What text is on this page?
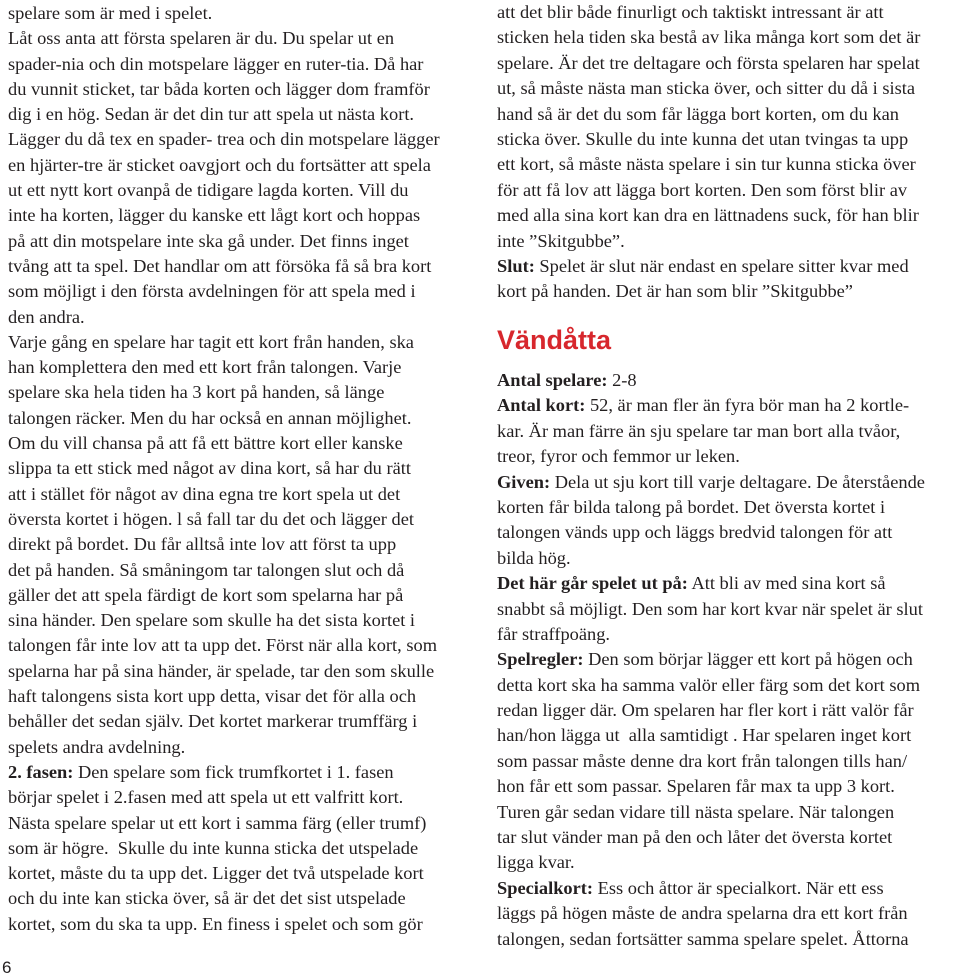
spelare som är med i spelet.
Låt oss anta att första spelaren är du. Du spelar ut en
spader-nia och din motspelare lägger en ruter-tia. Då har
du vunnit sticket, tar båda korten och lägger dom framför
dig i en hög. Sedan är det din tur att spela ut nästa kort.
Lägger du då tex en spader- trea och din motspelare lägger
en hjärter-tre är sticket oavgjort och du fortsätter att spela
ut ett nytt kort ovanpå de tidigare lagda korten. Vill du
inte ha korten, lägger du kanske ett lågt kort och hoppas
på att din motspelare inte ska gå under. Det finns inget
tvång att ta spel. Det handlar om att försöka få så bra kort
som möjligt i den första avdelningen för att spela med i
den andra.
Varje gång en spelare har tagit ett kort från handen, ska
han komplettera den med ett kort från talongen. Varje
spelare ska hela tiden ha 3 kort på handen, så länge
talongen räcker. Men du har också en annan möjlighet.
Om du vill chansa på att få ett bättre kort eller kanske
slippa ta ett stick med något av dina kort, så har du rätt
att i stället för något av dina egna tre kort spela ut det
översta kortet i högen. l så fall tar du det och lägger det
direkt på bordet. Du får alltså inte lov att först ta upp
det på handen. Så småningom tar talongen slut och då
gäller det att spela färdigt de kort som spelarna har på
sina händer. Den spelare som skulle ha det sista kortet i
talongen får inte lov att ta upp det. Först när alla kort, som
spelarna har på sina händer, är spelade, tar den som skulle
haft talongens sista kort upp detta, visar det för alla och
behåller det sedan själv. Det kortet markerar trumffärg i
spelets andra avdelning.
2. fasen: Den spelare som fick trumfkortet i 1. fasen
börjar spelet i 2.fasen med att spela ut ett valfritt kort.
Nästa spelare spelar ut ett kort i samma färg (eller trumf)
som är högre.  Skulle du inte kunna sticka det utspelade
kortet, måste du ta upp det. Ligger det två utspelade kort
och du inte kan sticka över, så är det det sist utspelade
kortet, som du ska ta upp. En finess i spelet och som gör
att det blir både finurligt och taktiskt intressant är att
sticken hela tiden ska bestå av lika många kort som det är
spelare. Är det tre deltagare och första spelaren har spelat
ut, så måste nästa man sticka över, och sitter du då i sista
hand så är det du som får lägga bort korten, om du kan
sticka över. Skulle du inte kunna det utan tvingas ta upp
ett kort, så måste nästa spelare i sin tur kunna sticka över
för att få lov att lägga bort korten. Den som först blir av
med alla sina kort kan dra en lättnadens suck, för han blir
inte ”Skitgubbe”.
Slut: Spelet är slut när endast en spelare sitter kvar med
kort på handen. Det är han som blir ”Skitgubbe”
Vändåtta
Antal spelare: 2-8
Antal kort: 52, är man fler än fyra bör man ha 2 kortle-
kar. Är man färre än sju spelare tar man bort alla tvåor,
treor, fyror och femmor ur leken.
Given: Dela ut sju kort till varje deltagare. De återstående
korten får bilda talong på bordet. Det översta kortet i
talongen vänds upp och läggs bredvid talongen för att
bilda hög.
Det här går spelet ut på: Att bli av med sina kort så
snabbt så möjligt. Den som har kort kvar när spelet är slut
får straffpoäng.
Spelregler: Den som börjar lägger ett kort på högen och
detta kort ska ha samma valör eller färg som det kort som
redan ligger där. Om spelaren har fler kort i rätt valör får
han/hon lägga ut  alla samtidigt . Har spelaren inget kort
som passar måste denne dra kort från talongen tills han/
hon får ett som passar. Spelaren får max ta upp 3 kort.
Turen går sedan vidare till nästa spelare. När talongen
tar slut vänder man på den och låter det översta kortet
ligga kvar.
Specialkort: Ess och åttor är specialkort. När ett ess
läggs på högen måste de andra spelarna dra ett kort från
talongen, sedan fortsätter samma spelare spelet. Åttorna
6
